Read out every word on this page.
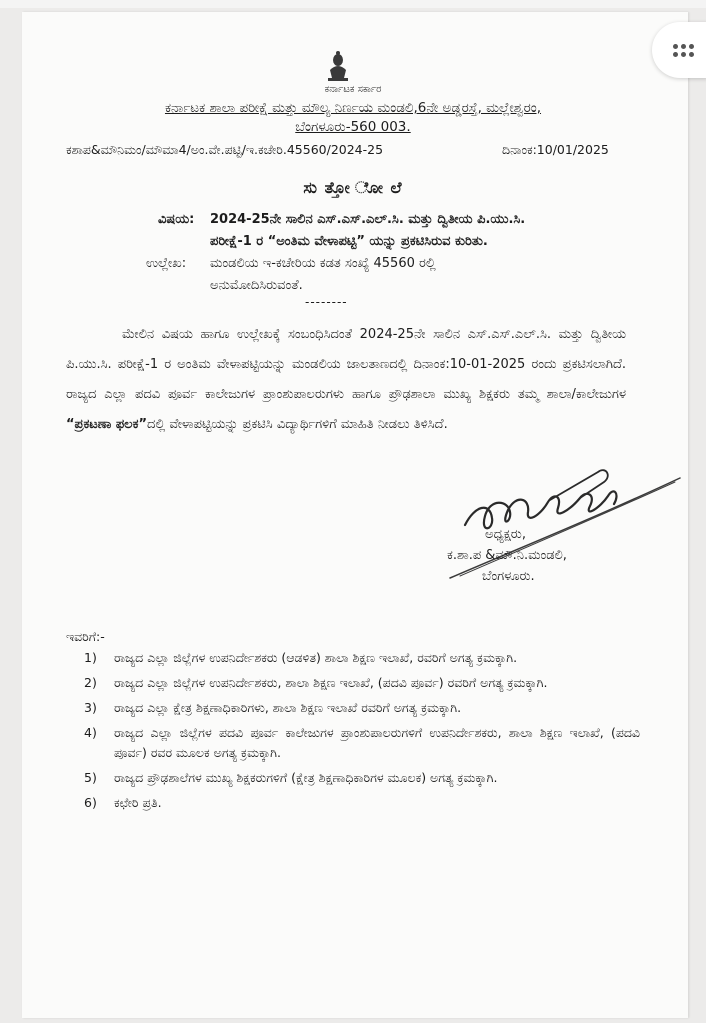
ಕರ್ನಾಟಕ ಸರ್ಕಾರ
ಕರ್ನಾಟಕ ಶಾಲಾ ಪರೀಕ್ಷೆ ಮತ್ತು ಮೌಲ್ಯ ನಿರ್ಣಯ ಮಂಡಲಿ,6ನೇ ಅಡ್ಡರಸ್ತೆ, ಮಲ್ಲೇಶ್ವರಂ,
ಬೆಂಗಳೂರು-560 003.
ಕಶಾಪ&ಮೌನಿಮಂ/ಮೌಮಾ4/ಅಂ.ವೇ.ಪಟ್ಟಿ/ಇ.ಕಚೇರಿ.45560/2024-25	ದಿನಾಂಕ:10/01/2025
ಸು ತ್ತೋ ೋ ಲೆ
ವಿಷಯ: 2024-25ನೇ ಸಾಲಿನ ಎಸ್.ಎಸ್.ಎಲ್.ಸಿ. ಮತ್ತು ದ್ವಿತೀಯ ಪಿ.ಯು.ಸಿ.
ಪರೀಕ್ಷೆ-1 ರ “ಅಂತಿಮ ವೇಳಾಪಟ್ಟಿ” ಯನ್ನು ಪ್ರಕಟಿಸಿರುವ ಕುರಿತು.
ಉಲ್ಲೇಖ: ಮಂಡಲಿಯ ಇ-ಕಚೇರಿಯ ಕಡತ ಸಂಖ್ಯೆ 45560 ರಲ್ಲಿ
ಅನುಮೋದಿಸಿರುವಂತೆ.
--------
ಮೇಲಿನ ವಿಷಯ ಹಾಗೂ ಉಲ್ಲೇಖಕ್ಕೆ ಸಂಬಂಧಿಸಿದಂತೆ 2024-25ನೇ ಸಾಲಿನ ಎಸ್.ಎಸ್.ಎಲ್.ಸಿ. ಮತ್ತು ದ್ವಿತೀಯ ಪಿ.ಯು.ಸಿ. ಪರೀಕ್ಷೆ-1 ರ ಅಂತಿಮ ವೇಳಾಪಟ್ಟಿಯನ್ನು ಮಂಡಲಿಯ ಜಾಲತಾಣದಲ್ಲಿ ದಿನಾಂಕ:10-01-2025 ರಂದು ಪ್ರಕಟಿಸಲಾಗಿದೆ. ರಾಜ್ಯದ ಎಲ್ಲಾ ಪದವಿ ಪೂರ್ವ ಕಾಲೇಜುಗಳ ಪ್ರಾಂಶುಪಾಲರುಗಳು ಹಾಗೂ ಪ್ರೌಢಶಾಲಾ ಮುಖ್ಯ ಶಿಕ್ಷಕರು ತಮ್ಮ ಶಾಲಾ/ಕಾಲೇಜುಗಳ “ಪ್ರಕಟಣಾ ಫಲಕ”ದಲ್ಲಿ ವೇಳಾಪಟ್ಟಿಯನ್ನು ಪ್ರಕಟಿಸಿ ವಿದ್ಯಾರ್ಥಿಗಳಿಗೆ ಮಾಹಿತಿ ನೀಡಲು ತಿಳಿಸಿದೆ.
ಅಧ್ಯಕ್ಷರು,
ಕ.ಶಾ.ಪ &ಮೌ.ನಿ.ಮಂಡಲಿ,
ಬೆಂಗಳೂರು.
ಇವರಿಗೆ:-
1) ರಾಜ್ಯದ ಎಲ್ಲಾ ಜಿಲ್ಲೆಗಳ ಉಪನಿರ್ದೇಶಕರು (ಆಡಳಿತ) ಶಾಲಾ ಶಿಕ್ಷಣ ಇಲಾಖೆ, ರವರಿಗೆ ಅಗತ್ಯ ಕ್ರಮಕ್ಕಾಗಿ.
2) ರಾಜ್ಯದ ಎಲ್ಲಾ ಜಿಲ್ಲೆಗಳ ಉಪನಿರ್ದೇಶಕರು, ಶಾಲಾ ಶಿಕ್ಷಣ ಇಲಾಖೆ, (ಪದವಿ ಪೂರ್ವ) ರವರಿಗೆ ಅಗತ್ಯ ಕ್ರಮಕ್ಕಾಗಿ.
3) ರಾಜ್ಯದ ಎಲ್ಲಾ ಕ್ಷೇತ್ರ ಶಿಕ್ಷಣಾಧಿಕಾರಿಗಳು, ಶಾಲಾ ಶಿಕ್ಷಣ ಇಲಾಖೆ ರವರಿಗೆ ಅಗತ್ಯ ಕ್ರಮಕ್ಕಾಗಿ.
4) ರಾಜ್ಯದ ಎಲ್ಲಾ ಜಿಲ್ಲೆಗಳ ಪದವಿ ಪೂರ್ವ ಕಾಲೇಜುಗಳ ಪ್ರಾಂಶುಪಾಲರುಗಳಿಗೆ ಉಪನಿರ್ದೇಶಕರು, ಶಾಲಾ ಶಿಕ್ಷಣ ಇಲಾಖೆ, (ಪದವಿ ಪೂರ್ವ) ರವರ ಮೂಲಕ ಅಗತ್ಯ ಕ್ರಮಕ್ಕಾಗಿ.
5) ರಾಜ್ಯದ ಪ್ರೌಢಶಾಲೆಗಳ ಮುಖ್ಯ ಶಿಕ್ಷಕರುಗಳಿಗೆ (ಕ್ಷೇತ್ರ ಶಿಕ್ಷಣಾಧಿಕಾರಿಗಳ ಮೂಲಕ) ಅಗತ್ಯ ಕ್ರಮಕ್ಕಾಗಿ.
6) ಕಛೇರಿ ಪ್ರತಿ.
